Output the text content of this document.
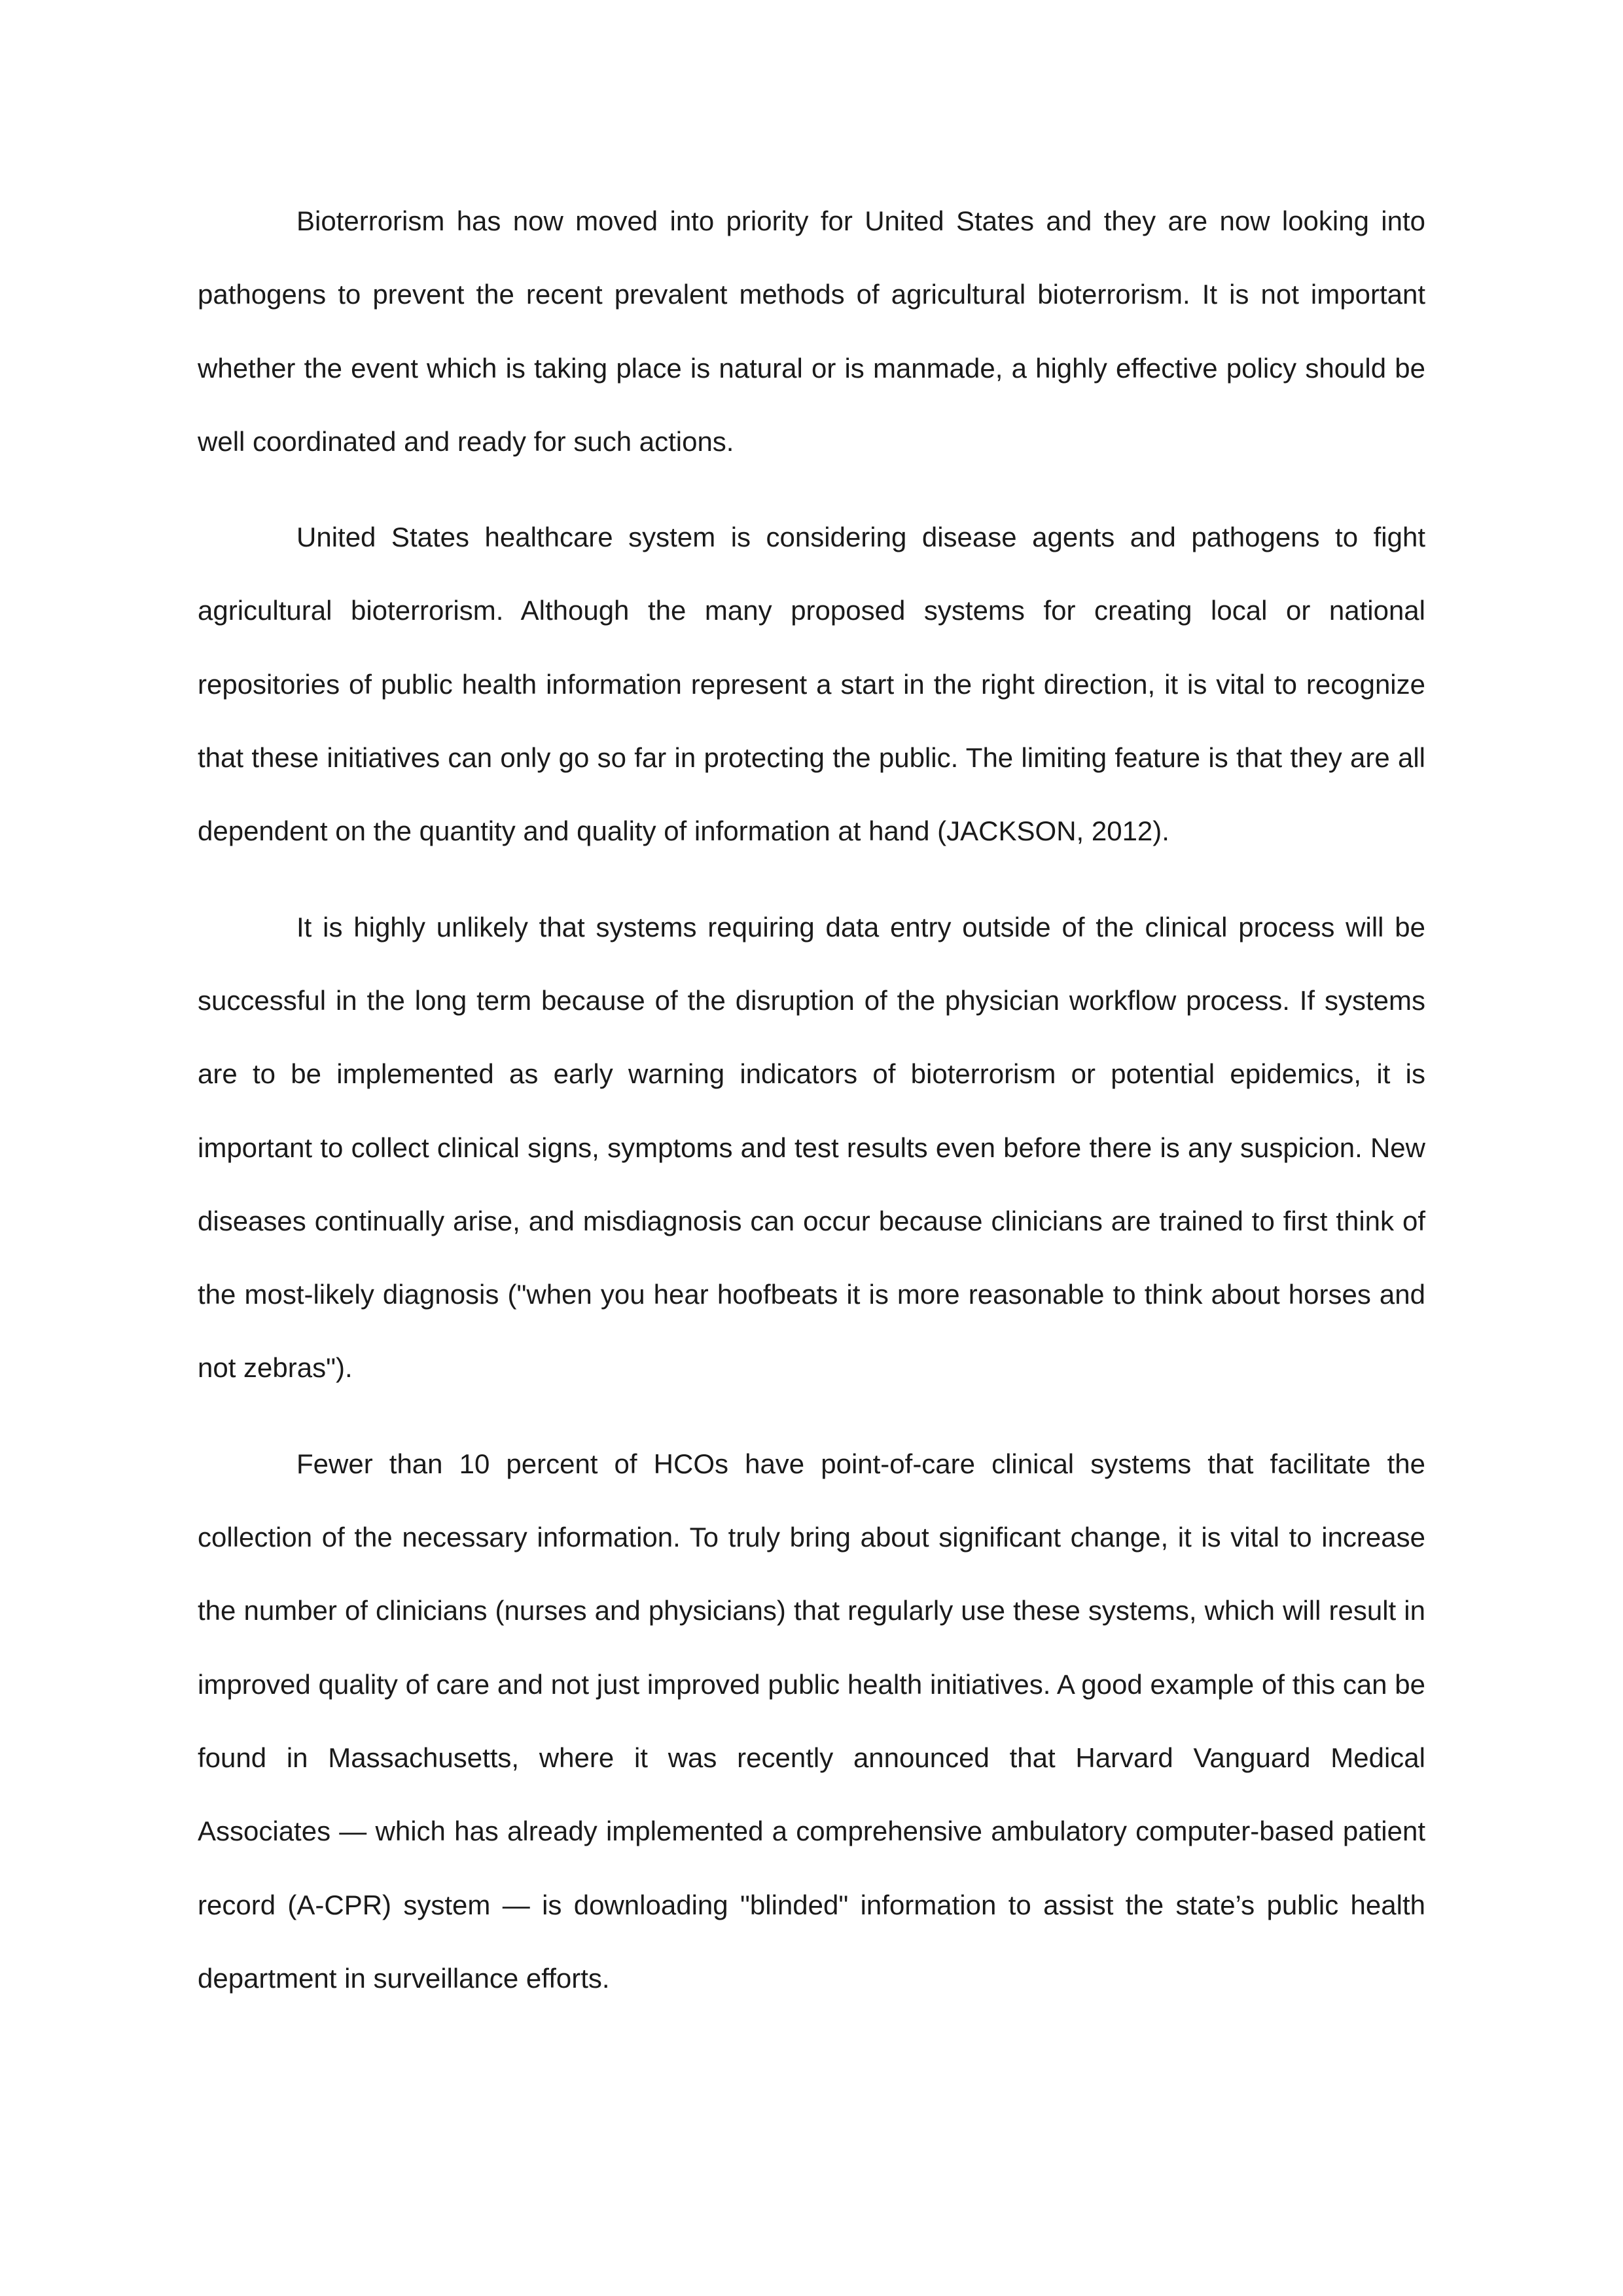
Bioterrorism has now moved into priority for United States and they are now looking into pathogens to prevent the recent prevalent methods of agricultural bioterrorism. It is not important whether the event which is taking place is natural or is manmade, a highly effective policy should be well coordinated and ready for such actions.

United States healthcare system is considering disease agents and pathogens to fight agricultural bioterrorism. Although the many proposed systems for creating local or national repositories of public health information represent a start in the right direction, it is vital to recognize that these initiatives can only go so far in protecting the public. The limiting feature is that they are all dependent on the quantity and quality of information at hand (JACKSON, 2012).

It is highly unlikely that systems requiring data entry outside of the clinical process will be successful in the long term because of the disruption of the physician workflow process. If systems are to be implemented as early warning indicators of bioterrorism or potential epidemics, it is important to collect clinical signs, symptoms and test results even before there is any suspicion. New diseases continually arise, and misdiagnosis can occur because clinicians are trained to first think of the most-likely diagnosis ("when you hear hoofbeats it is more reasonable to think about horses and not zebras").

Fewer than 10 percent of HCOs have point-of-care clinical systems that facilitate the collection of the necessary information. To truly bring about significant change, it is vital to increase the number of clinicians (nurses and physicians) that regularly use these systems, which will result in improved quality of care and not just improved public health initiatives. A good example of this can be found in Massachusetts, where it was recently announced that Harvard Vanguard Medical Associates — which has already implemented a comprehensive ambulatory computer-based patient record (A-CPR) system — is downloading "blinded" information to assist the state’s public health department in surveillance efforts.
